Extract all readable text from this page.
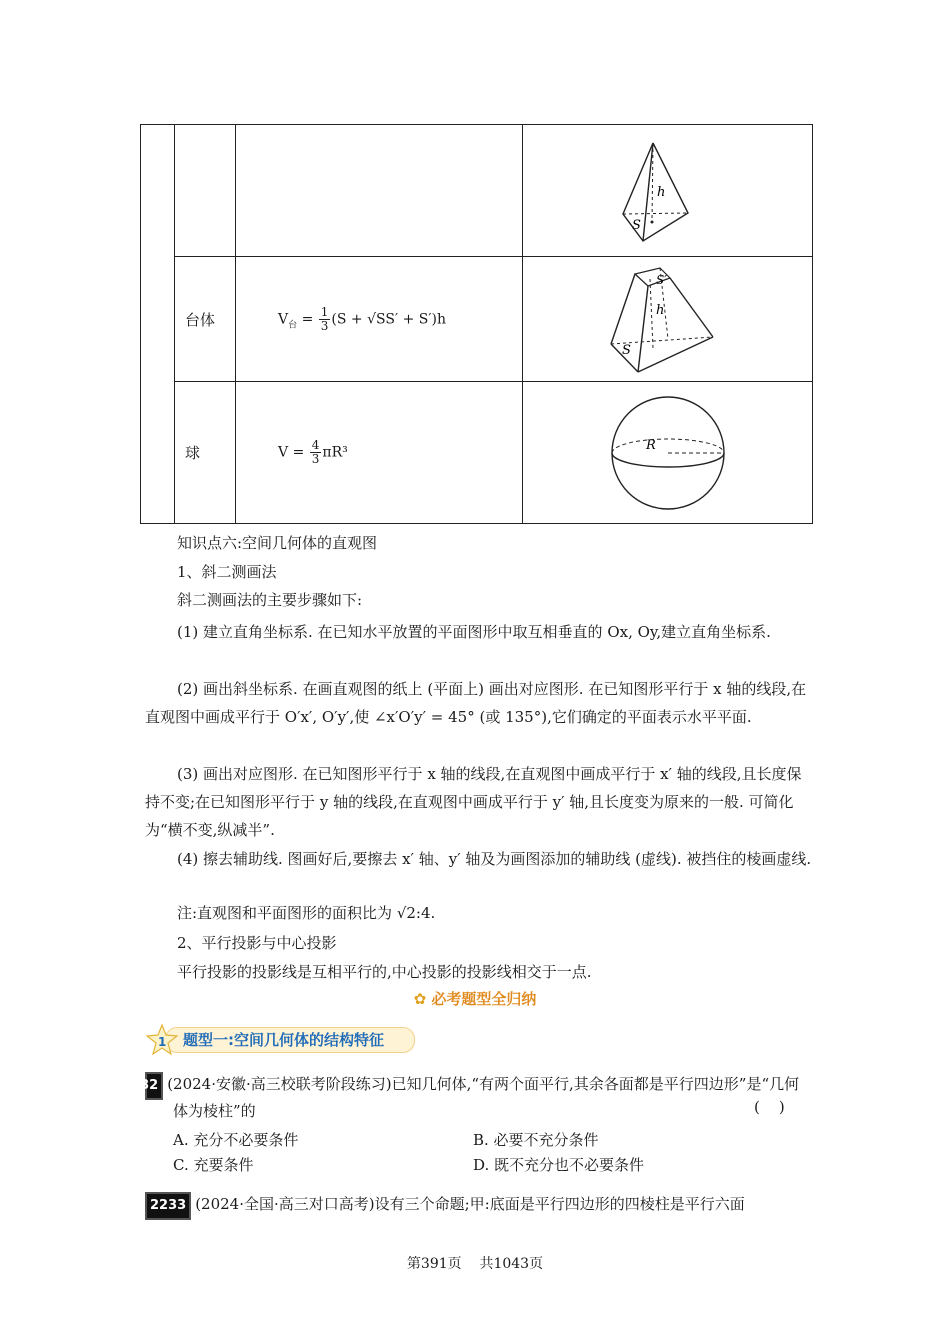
h
S

	台体	$V_台 = \frac{1}{3} (S + √SS' + S')h$	S′
h
S

	球	$V = \frac{4}{3} \pi R^3$	R
知识点六:空间几何体的直观图
1、斜二测画法
斜二测画法的主要步骤如下:
(1) 建立直角坐标系. 在已知水平放置的平面图形中取互相垂直的 Ox, Oy,建立直角坐标系.
(2) 画出斜坐标系. 在画直观图的纸上 (平面上) 画出对应图形. 在已知图形平行于 x 轴的线段,在直观图中画成平行于 O′x′, O′y′,使 ∠x′O′y′ = 45° (或 135°),它们确定的平面表示水平平面.
(3) 画出对应图形. 在已知图形平行于 x 轴的线段,在直观图中画成平行于 x′ 轴的线段,且长度保持不变;在已知图形平行于 y 轴的线段,在直观图中画成平行于 y′ 轴,且长度变为原来的一般. 可简化为“横不变,纵减半”.
(4) 擦去辅助线. 图画好后,要擦去 x′ 轴、y′ 轴及为画图添加的辅助线 (虚线). 被挡住的棱画虚线.
注:直观图和平面图形的面积比为 √2:4.
2、平行投影与中心投影
平行投影的投影线是互相平行的,中心投影的投影线相交于一点.
✿ 必考题型全归纳
1 题型一:空间几何体的结构特征
2232 (2024·安徽·高三校联考阶段练习)已知几何体,“有两个面平行,其余各面都是平行四边形”是“几何体为棱柱”的	(    )
A. 充分不必要条件	B. 必要不充分条件
C. 充要条件	D. 既不充分也不必要条件
2233 (2024·全国·高三对口高考)设有三个命题;甲:底面是平行四边形的四棱柱是平行六面
第391页    共1043页
